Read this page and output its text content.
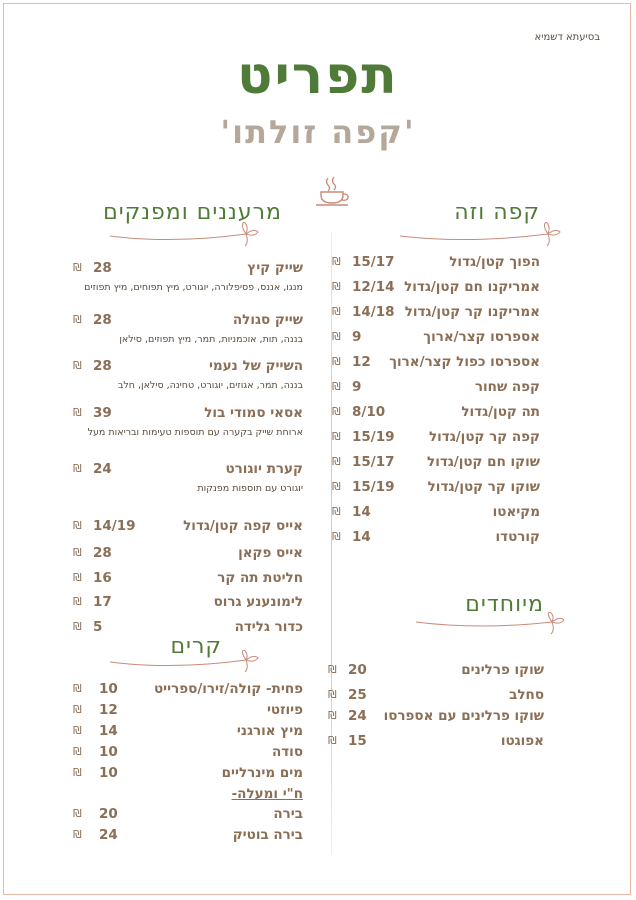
בסיעתא דשמיא
תפריט
'קפה זולתו'
קפה וזה
מרעננים ומפנקים
מיוחדים
קרים
הפוך קטן/גדול
15/17
₪
אמריקנו חם קטן/גדול
12/14
₪
אמריקנו קר קטן/גדול
14/18
₪
אספרסו קצר/ארוך
9
₪
אספרסו כפול קצר/ארוך
12
₪
קפה שחור
9
₪
תה קטן/גדול
8/10
₪
קפה קר קטן/גדול
15/19
₪
שוקו חם קטן/גדול
15/17
₪
שוקו קר קטן/גדול
15/19
₪
מקיאטו
14
₪
קורטדו
14
₪
שוקו פרלינים
20
₪
סחלב
25
₪
שוקו פרלינים עם אספרסו
24
₪
אפוגטו
15
₪
שייק קיץ
28
₪
מנגו, אננס, פסיפלורה, יוגורט, מיץ תפוחים, מיץ תפוזים
שייק סגולה
28
₪
בננה, תות, אוכמניות, תמר, מיץ תפוזים, סילאן
השייק של נעמי
28
₪
בננה, תמר, אגוזים, יוגורט, טחינה, סילאן, חלב
אסאי סמודי בול
39
₪
ארוחת שייק בקערה עם תוספות טעימות ובריאות מעל
קערת יוגורט
24
₪
יוגורט עם תוספות מפנקות
אייס קפה קטן/גדול
14/19
₪
אייס פקאן
28
₪
חליטת תה קר
16
₪
לימונענע גרוס
17
₪
כדור גלידה
5
₪
פחית- קולה/זירו/ספרייט
10
₪
פיוזטי
12
₪
מיץ אורגני
14
₪
סודה
10
₪
מים מינרליים
10
₪
ח"י ומעלה-
בירה
20
₪
בירה בוטיק
24
₪
